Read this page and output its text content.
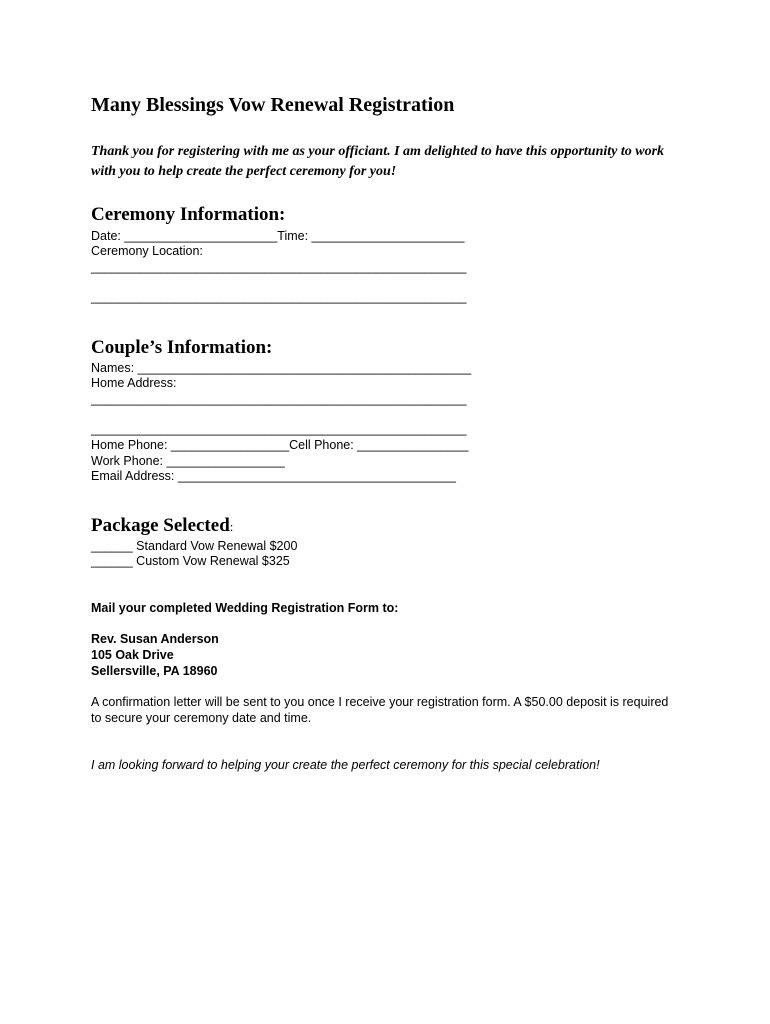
Many Blessings Vow Renewal Registration
Thank you for registering with me as your officiant. I am delighted to have this opportunity to work with you to help create the perfect ceremony for you!
Ceremony Information:
Date: ______________________Time: ______________________
Ceremony Location:
______________________________________________________
______________________________________________________
Couple’s Information:
Names: ________________________________________________
Home Address:
______________________________________________________
______________________________________________________
Home Phone: _________________Cell Phone: ________________
Work Phone: _________________
Email Address: ________________________________________
Package Selected:
______ Standard Vow Renewal $200
______ Custom Vow Renewal $325
Mail your completed Wedding Registration Form to:
Rev. Susan Anderson
105 Oak Drive
Sellersville, PA 18960
A confirmation letter will be sent to you once I receive your registration form. A $50.00 deposit is required to secure your ceremony date and time.
I am looking forward to helping your create the perfect ceremony for this special celebration!
